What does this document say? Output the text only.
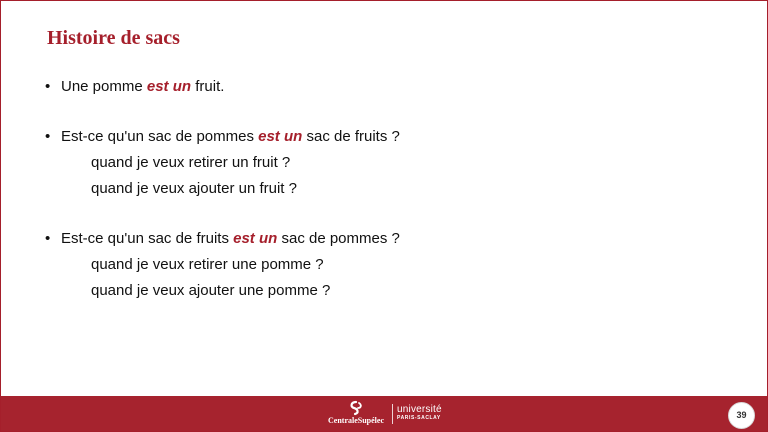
Histoire de sacs
• Une pomme est un fruit.
• Est-ce qu'un sac de pommes est un sac de fruits ?
quand je veux retirer un fruit ?
quand je veux ajouter un fruit ?
• Est-ce qu'un sac de fruits est un sac de pommes ?
quand je veux retirer une pomme ?
quand je veux ajouter une pomme ?
CentraleSupélec
université
PARIS-SACLAY	39
